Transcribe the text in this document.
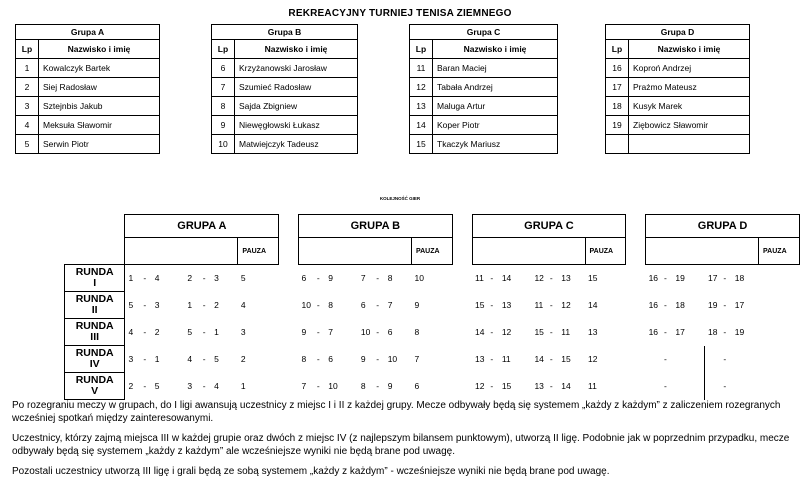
REKREACYJNY TURNIEJ TENISA ZIEMNEGO
Grupa A	
Lp	Nazwisko i imię
1	Kowalczyk Bartek
2	Siej Radosław
3	Sztejnbis Jakub
4	Meksuła Sławomir
5	Serwin Piotr
Grupa B	
Lp	Nazwisko i imię
6	Krzyżanowski Jarosław
7	Szumieć Radosław
8	Sajda Zbigniew
9	Niewęgłowski Łukasz
10	Matwiejczyk Tadeusz
Grupa C	
Lp	Nazwisko i imię
11	Baran Maciej
12	Tabała Andrzej
13	Maluga Artur
14	Koper Piotr
15	Tkaczyk Mariusz
Grupa D	
Lp	Nazwisko i imię
16	Koproń Andrzej
17	Prażmo Mateusz
18	Kusyk Marek
19	Ziębowicz Sławomir

KOLEJNOŚĆ GIER
		GRUPA A										GRUPA B										GRUPA C										GRUPA D								
										PAUZA										PAUZA										PAUZA										PAUZA
	RUNDA
I	1	-	4		2	-	3		5		6	-	9		7	-	8		10		11	-	14		12	-	13		15		16	-	19		17	-	18		
	RUNDA
II	5	-	3		1	-	2		4		10	-	8		6	-	7		9		15	-	13		11	-	12		14		16	-	18		19	-	17		
	RUNDA
III	4	-	2		5	-	1		3		9	-	7		10	-	6		8		14	-	12		15	-	11		13		16	-	17		18	-	19		
	RUNDA
IV	3	-	1		4	-	5		2		8	-	6		9	-	10		7		13	-	11		14	-	15		12			-				-			
	RUNDA
V	2	-	5		3	-	4		1		7	-	10		8	-	9		6		12	-	15		13	-	14		11			-				-			

Po rozegraniu meczy w grupach, do I ligi awansują uczestnicy z miejsc I i II z każdej grupy. Mecze odbywały będą się systemem „każdy z każdym” z zaliczeniem rozegranych wcześniej spotkań między zainteresowanymi.

Uczestnicy, którzy zajmą miejsca III w każdej grupie oraz dwóch z miejsc IV (z najlepszym bilansem punktowym), utworzą II ligę. Podobnie jak w poprzednim przypadku, mecze odbywały będą się systemem „każdy z każdym” ale wcześniejsze wyniki nie będą brane pod uwagę.

Pozostali uczestnicy utworzą III ligę i grali będą ze sobą systemem „każdy z każdym” - wcześniejsze wyniki nie będą brane pod uwagę.
